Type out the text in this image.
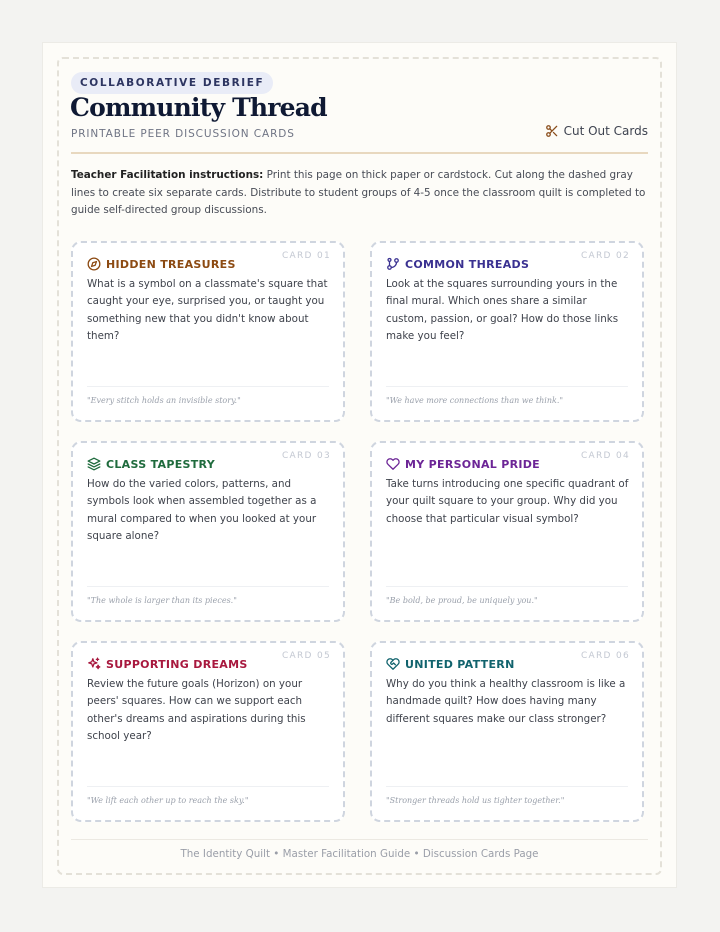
COLLABORATIVE DEBRIEF
Community Thread

PRINTABLE PEER DISCUSSION CARDS	Cut Out Cards

Teacher Facilitation instructions: Print this page on thick paper or cardstock. Cut along the dashed gray lines to create six separate cards. Distribute to student groups of 4-5 once the classroom quilt is completed to guide self-directed group discussions.

CARD 01
HIDDEN TREASURES

What is a symbol on a classmate's square that caught your eye, surprised you, or taught you something new that you didn't know about them?

"Every stitch holds an invisible story."
CARD 02
COMMON THREADS

Look at the squares surrounding yours in the final mural. Which ones share a similar custom, passion, or goal? How do those links make you feel?

"We have more connections than we think."
CARD 03
CLASS TAPESTRY

How do the varied colors, patterns, and symbols look when assembled together as a mural compared to when you looked at your square alone?

"The whole is larger than its pieces."
CARD 04
MY PERSONAL PRIDE

Take turns introducing one specific quadrant of your quilt square to your group. Why did you choose that particular visual symbol?

"Be bold, be proud, be uniquely you."
CARD 05
SUPPORTING DREAMS

Review the future goals (Horizon) on your peers' squares. How can we support each other's dreams and aspirations during this school year?

"We lift each other up to reach the sky."
CARD 06
UNITED PATTERN

Why do you think a healthy classroom is like a handmade quilt? How does having many different squares make our class stronger?

"Stronger threads hold us tighter together."
The Identity Quilt • Master Facilitation Guide • Discussion Cards Page
